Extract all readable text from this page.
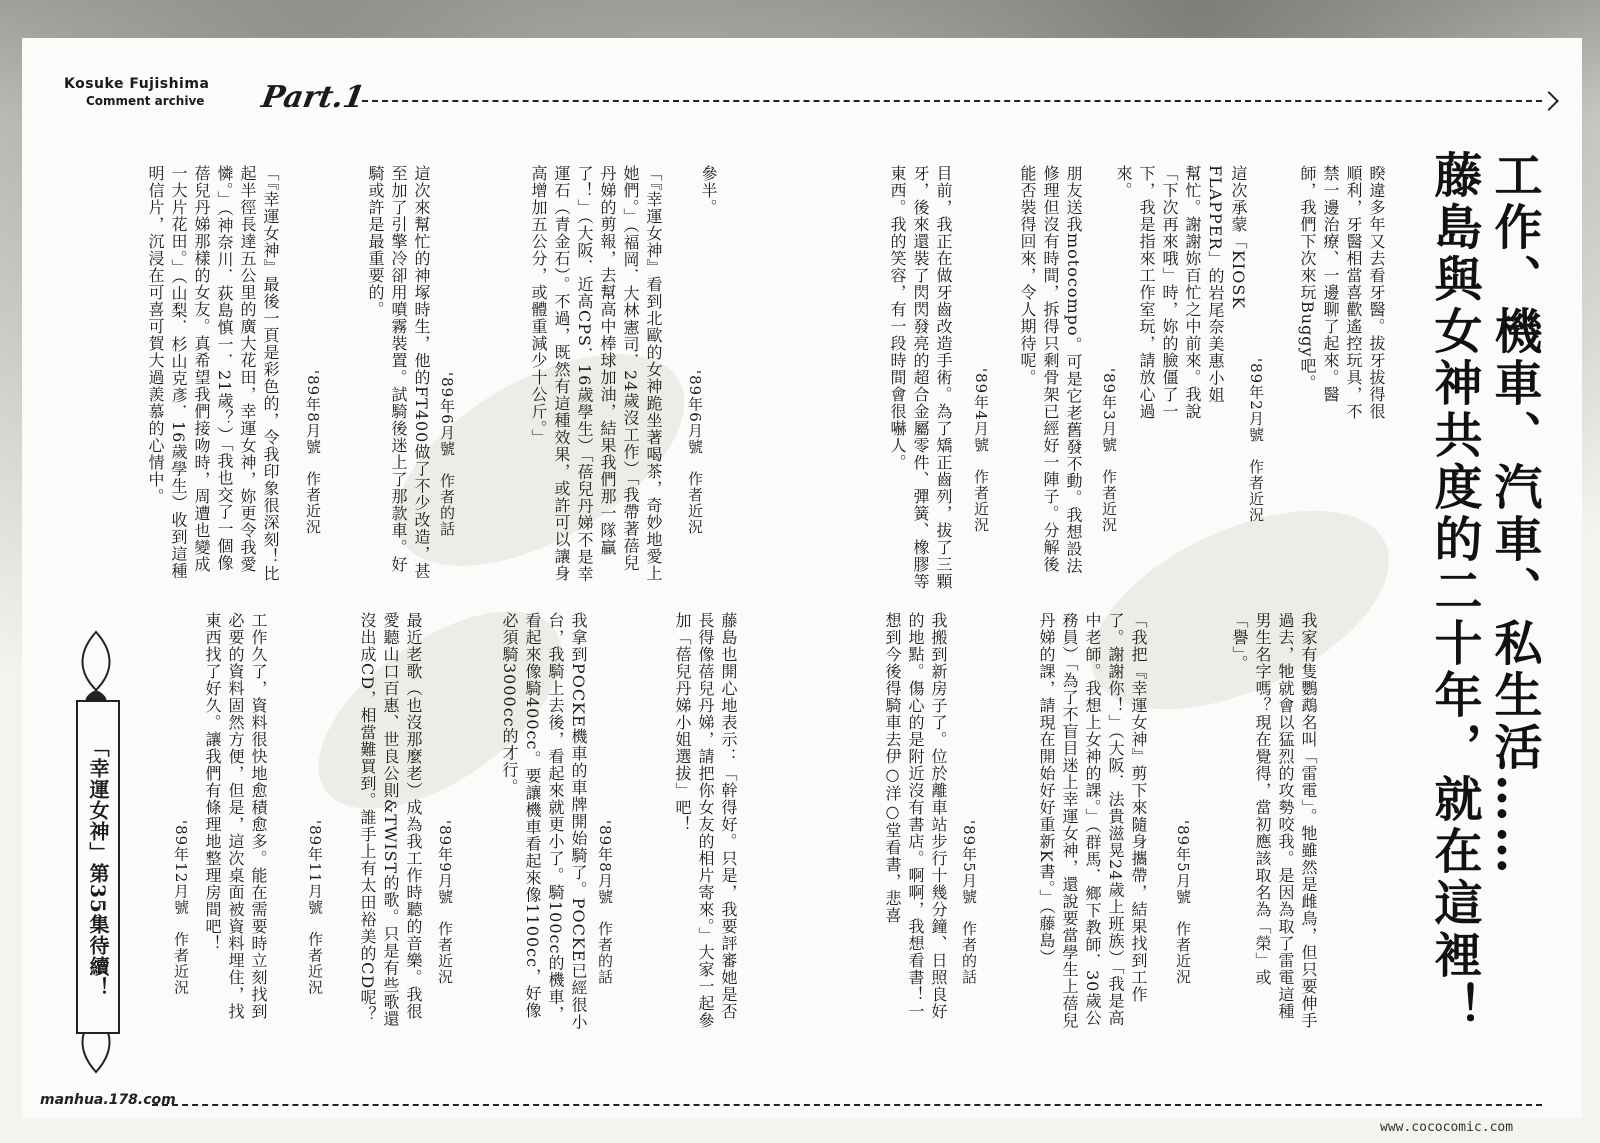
Kosuke Fujishima
Comment archive Part.1
工作、機車、汽車、私生活……
藤島與女神共度的二十年，就在這裡！
睽違多年又去看牙醫。拔牙拔得很順利，牙醫相當喜歡遙控玩具，不禁一邊治療、一邊聊了起來。醫師，我們下次來玩Buggy吧。
'89年2月號　作者近況
這次承蒙「KIOSK　FLAPPER」的岩尾奈美惠小姐幫忙。謝謝妳百忙之中前來。我說「下次再來哦」時，妳的臉僵了一下，我是指來工作室玩，請放心過來。
'89年3月號　作者近況
朋友送我motocompo。可是它老舊發不動。我想設法修理但沒有時間，拆得只剩骨架已經好一陣子。分解後能否裝得回來，令人期待呢。
'89年4月號　作者近況
目前，我正在做牙齒改造手術。為了矯正齒列，拔了三顆牙，後來還裝了閃閃發亮的超合金屬零件、彈簧、橡膠等東西。我的笑容，有一段時間會很嚇人。
參半。
'89年6月號　作者近況
「『幸運女神』看到北歐的女神跪坐著喝茶，奇妙地愛上她們。」（福岡．大林憲司．24歲沒工作）「我帶著蓓兒丹娣的剪報，去幫高中棒球加油，結果我們那一隊贏了！」（大阪．近高CPS．16歲學生）「蓓兒丹娣不是幸運石（青金石）。不過，既然有這種效果，或許可以讓身高增加五公分，或體重減少十公斤。」
'89年6月號　作者的話
這次來幫忙的神塚時生，他的FT400做了不少改造，甚至加了引擎冷卻用噴霧裝置。試騎後迷上了那款車。好騎或許是最重要的。
'89年8月號　作者近況
「『幸運女神』最後一頁是彩色的，令我印象很深刻！比起半徑長達五公里的廣大花田，幸運女神，妳更令我愛憐。」（神奈川．荻島慎一．21歲？）「我也交了一個像蓓兒丹娣那樣的女友。真希望我們接吻時，周遭也變成一大片花田。」（山梨．杉山克彥．16歲學生）收到這種明信片，沉浸在可喜可賀大過羨慕的心情中。
我家有隻鸚鵡名叫「雷電」。牠雖然是雌鳥，但只要伸手過去，牠就會以猛烈的攻勢咬我。是因為取了雷電這種男生名字嗎？現在覺得，當初應該取名為「榮」或「譽」。
'89年5月號　作者近況
「我把『幸運女神』剪下來隨身攜帶，結果找到工作了。謝謝你！」（大阪．法貴滋晃24歲上班族）「我是高中老師。我想上女神的課。」（群馬．鄉下教師．30歲公務員）「為了不盲目迷上幸運女神，還說要當學生上蓓兒丹娣的課，請現在開始好好重新K書。」（藤島）
'89年5月號　作者的話
我搬到新房子了。位於離車站步行十幾分鐘、日照良好的地點。傷心的是附近沒有書店。啊啊，我想看書！一想到今後得騎車去伊○洋○堂看書，悲喜
藤島也開心地表示：「幹得好。只是，我要評審她是否長得像蓓兒丹娣，請把你女友的相片寄來。」大家一起參加「蓓兒丹娣小姐選拔」吧！
'89年8月號　作者的話
我拿到POCKE機車的車牌開始騎了。POCKE已經很小台，我騎上去後，看起來就更小了。騎100cc的機車，看起來像騎400cc。要讓機車看起來像1100cc，好像必須騎3000cc的才行。
'89年9月號　作者近況
最近老歌（也沒那麼老）成為我工作時聽的音樂。我很愛聽山口百惠、世良公則&TWIST的歌。只是有些歌還沒出成CD，相當難買到。誰手上有太田裕美的CD呢？
'89年11月號　作者近況
工作久了，資料很快地愈積愈多。能在需要時立刻找到必要的資料固然方便，但是，這次桌面被資料埋住，找東西找了好久。讓我們有條理地整理房間吧！
'89年12月號　作者近況
「幸運女神」第35集待續！
manhua.178.com
www.cococomic.com
